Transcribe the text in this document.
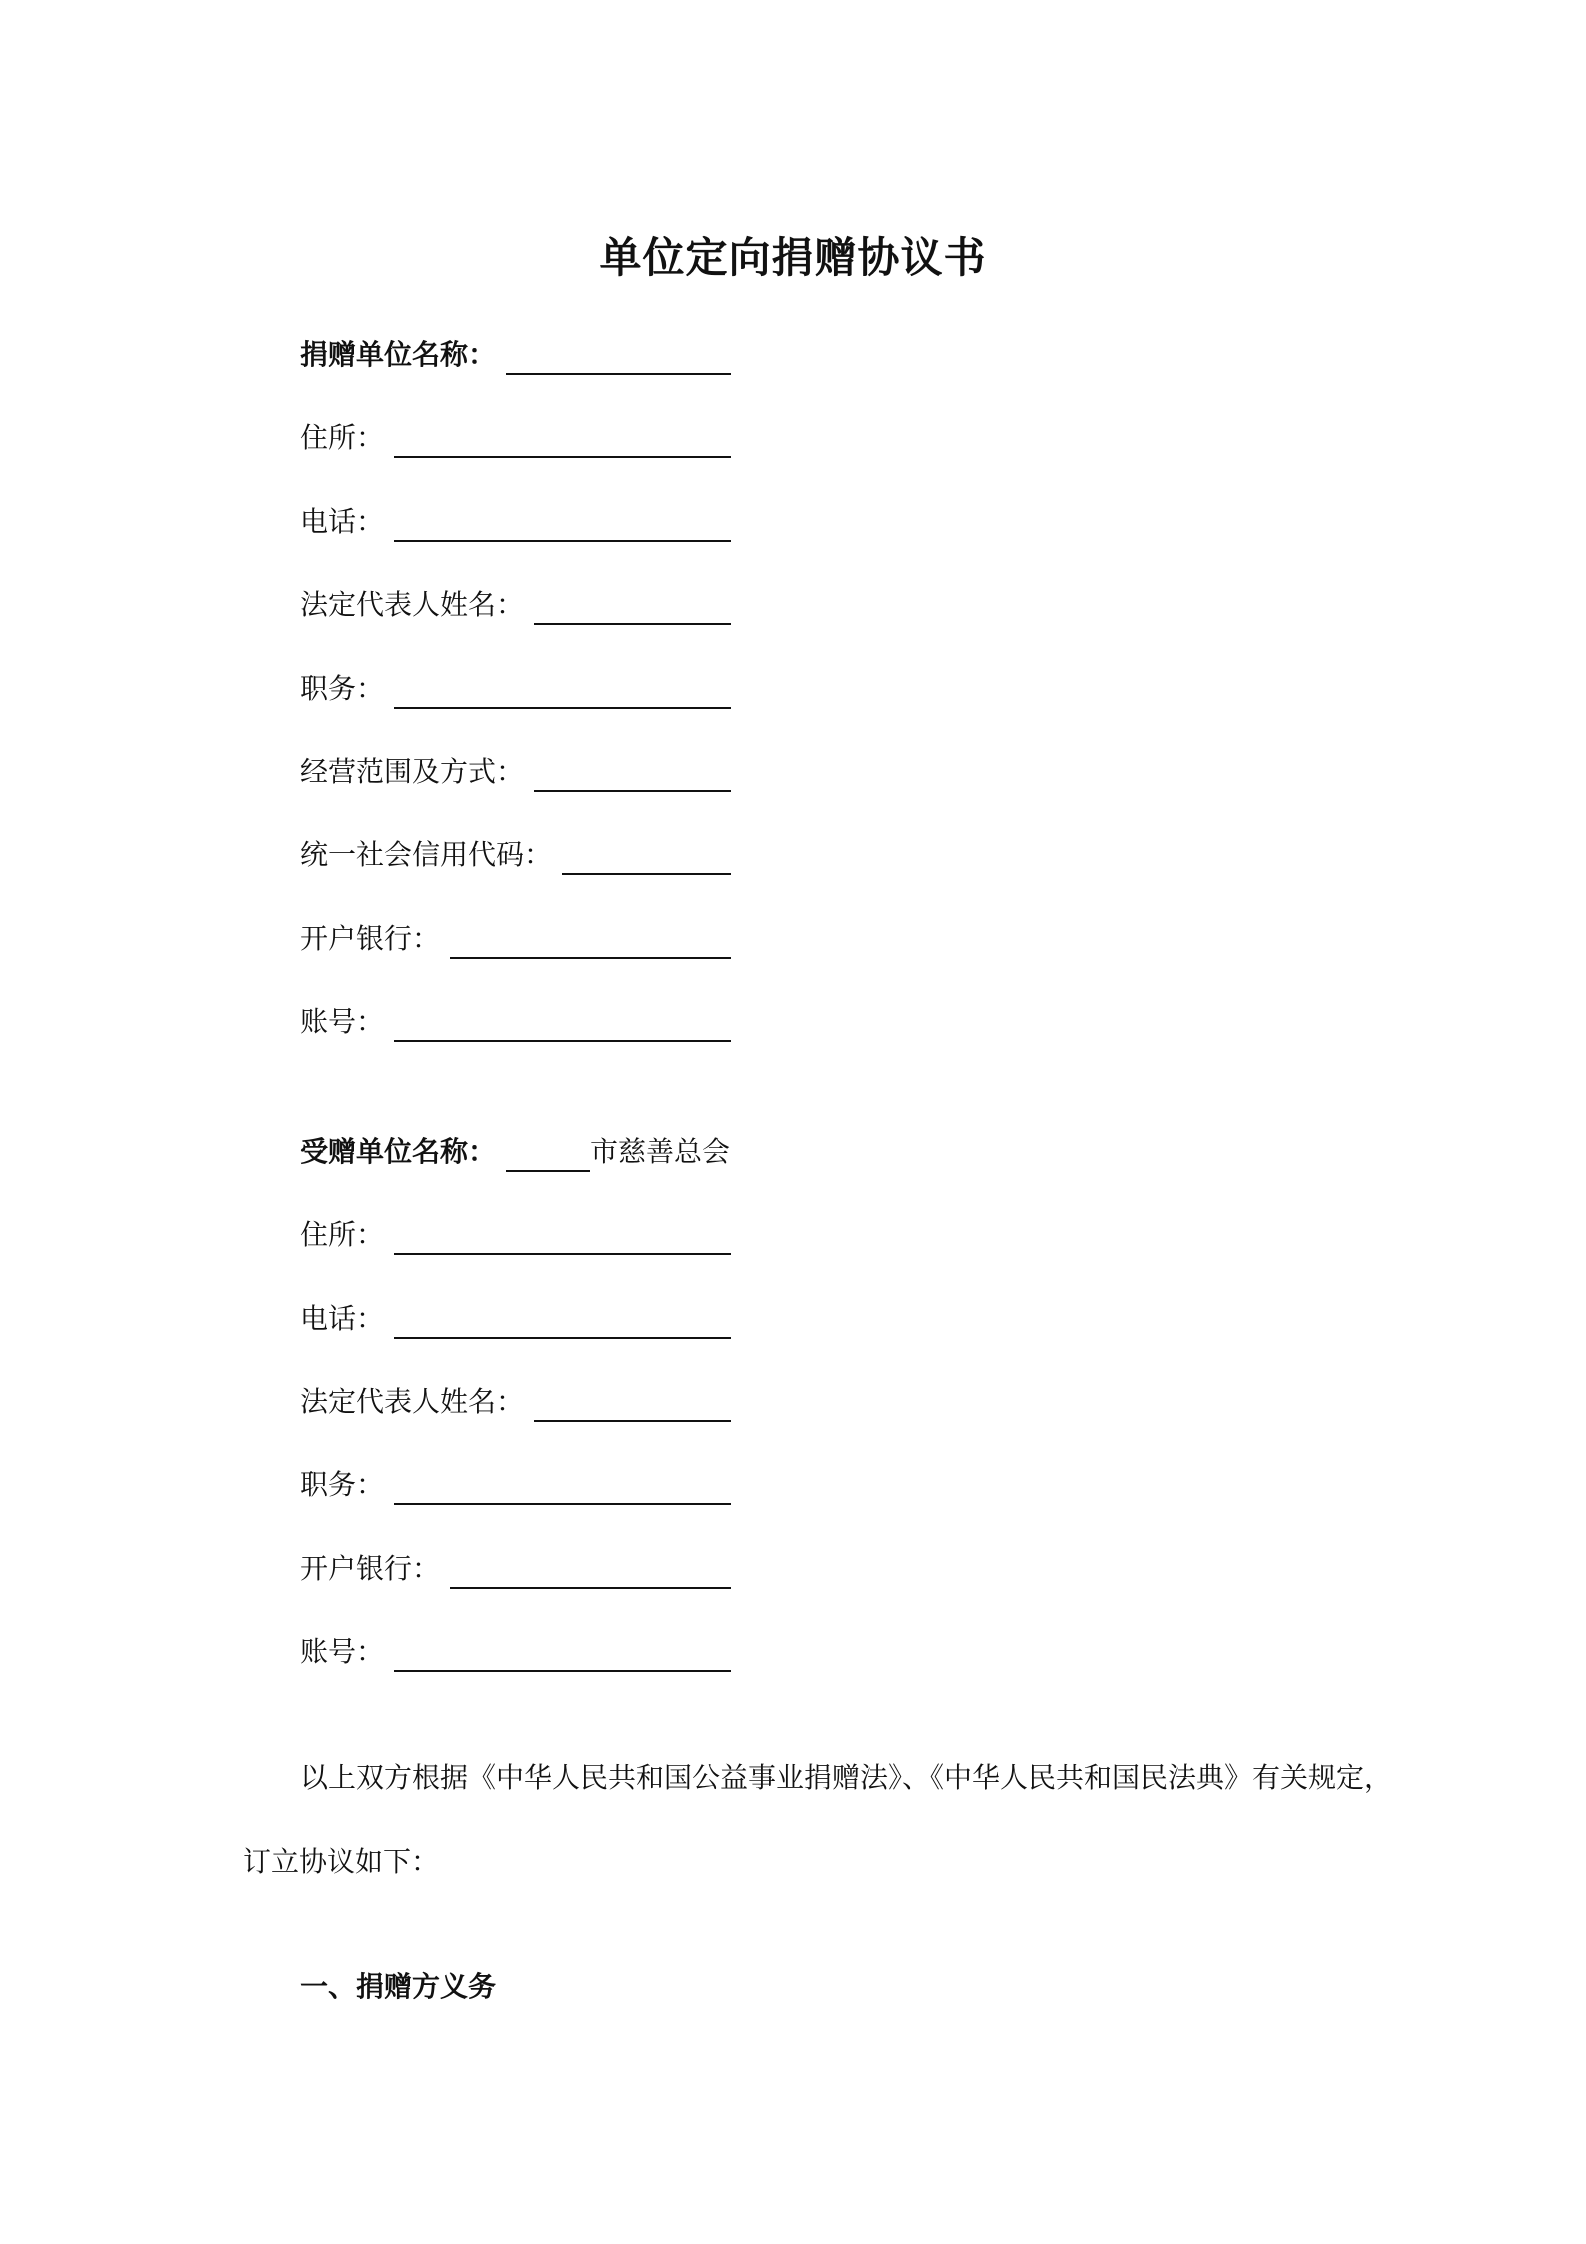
单位定向捐赠协议书
捐赠单位名称：
住所：
电话：
法定代表人姓名：
职务：
经营范围及方式：
统一社会信用代码：
开户银行：
账号：
受赠单位名称：	市慈善总会
住所：
电话：
法定代表人姓名：
职务：
开户银行：
账号：
以上双方根据《中华人民共和国公益事业捐赠法》、《中华人民共和国民法典》有关规定，
订立协议如下：
一、捐赠方义务
